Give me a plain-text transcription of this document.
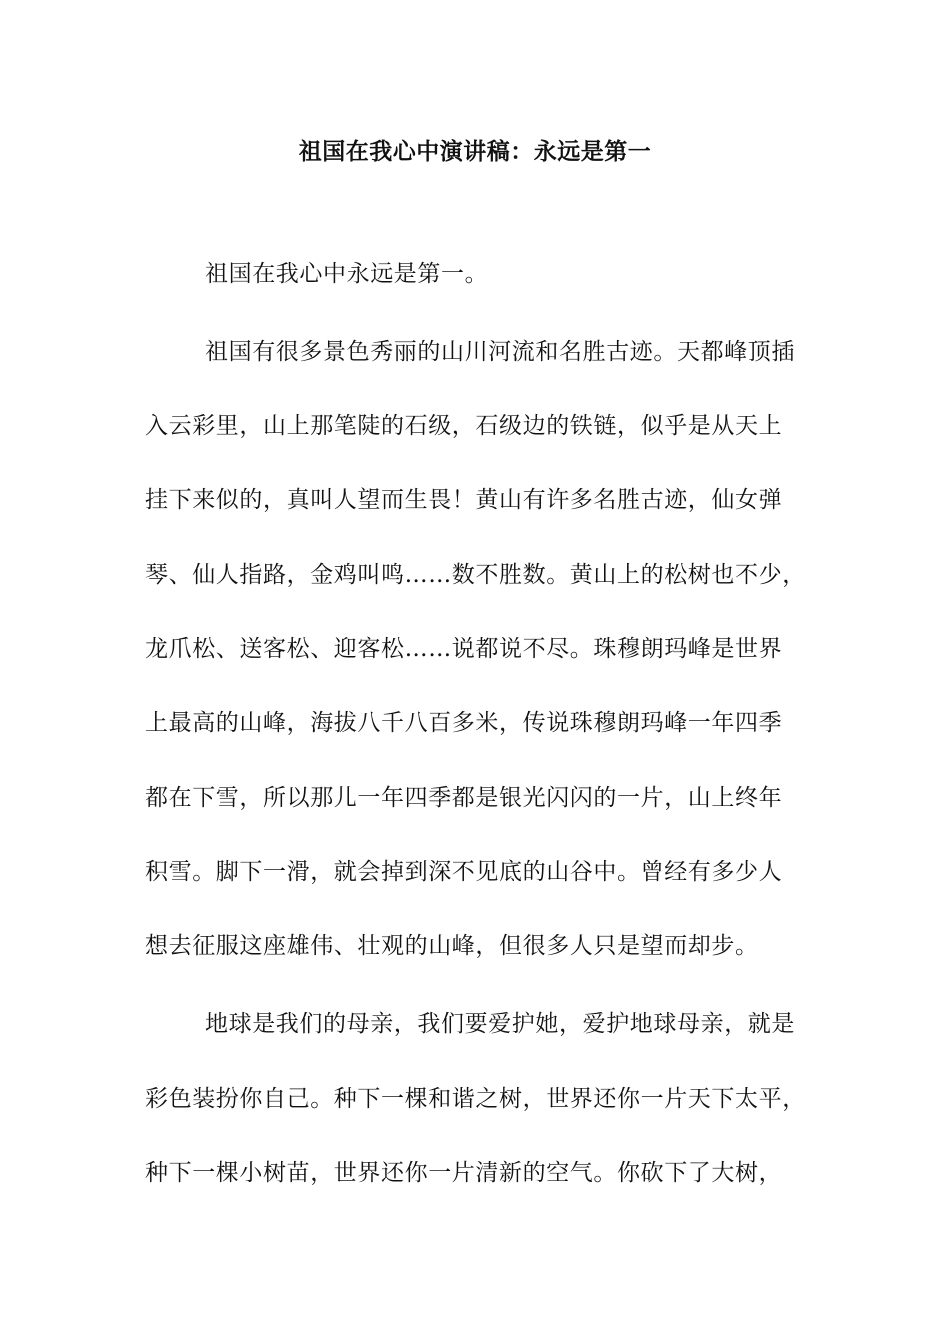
祖国在我心中演讲稿：永远是第一
祖国在我心中永远是第一。
祖国有很多景色秀丽的山川河流和名胜古迹。天都峰顶插
入云彩里，山上那笔陡的石级，石级边的铁链，似乎是从天上
挂下来似的，真叫人望而生畏！黄山有许多名胜古迹，仙女弹
琴、仙人指路，金鸡叫鸣……数不胜数。黄山上的松树也不少，
龙爪松、送客松、迎客松……说都说不尽。珠穆朗玛峰是世界
上最高的山峰，海拔八千八百多米，传说珠穆朗玛峰一年四季
都在下雪，所以那儿一年四季都是银光闪闪的一片，山上终年
积雪。脚下一滑，就会掉到深不见底的山谷中。曾经有多少人
想去征服这座雄伟、壮观的山峰，但很多人只是望而却步。
地球是我们的母亲，我们要爱护她，爱护地球母亲，就是
彩色装扮你自己。种下一棵和谐之树，世界还你一片天下太平，
种下一棵小树苗，世界还你一片清新的空气。你砍下了大树，
